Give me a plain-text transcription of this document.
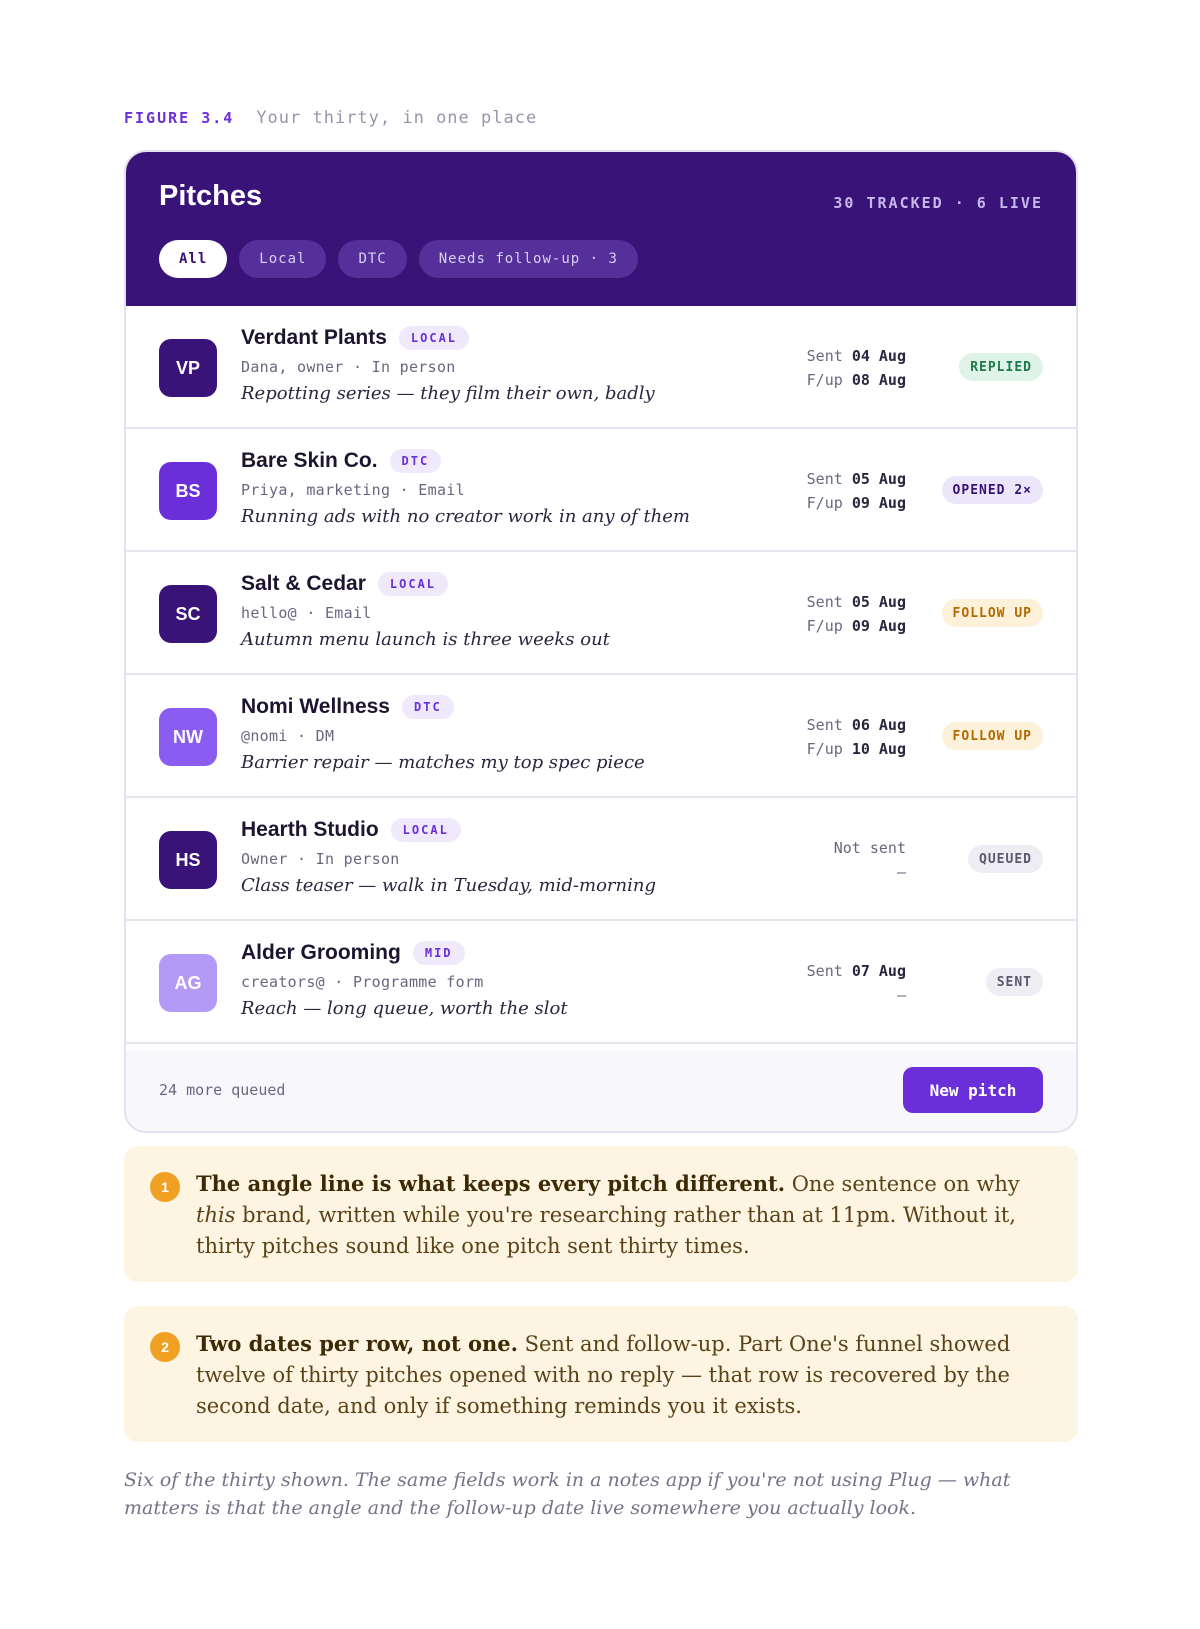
FIGURE 3.4 Your thirty, in one place
Pitches	30 TRACKED · 6 LIVE
All	Local	DTC	Needs follow-up · 3
VP
Verdant Plants	LOCAL
Dana, owner · In person
Repotting series — they film their own, badly
Sent 04 Aug
F/up 08 Aug
REPLIED
BS
Bare Skin Co.	DTC
Priya, marketing · Email
Running ads with no creator work in any of them
Sent 05 Aug
F/up 09 Aug
OPENED 2×
SC
Salt & Cedar	LOCAL
hello@ · Email
Autumn menu launch is three weeks out
Sent 05 Aug
F/up 09 Aug
FOLLOW UP
NW
Nomi Wellness	DTC
@nomi · DM
Barrier repair — matches my top spec piece
Sent 06 Aug
F/up 10 Aug
FOLLOW UP
HS
Hearth Studio	LOCAL
Owner · In person
Class teaser — walk in Tuesday, mid-morning
Not sent
—
QUEUED
AG
Alder Grooming	MID
creators@ · Programme form
Reach — long queue, worth the slot
Sent 07 Aug
—
SENT
24 more queued	New pitch
1	The angle line is what keeps every pitch different. One sentence on why this brand, written while you're researching rather than at 11pm. Without it, thirty pitches sound like one pitch sent thirty times.
2	Two dates per row, not one. Sent and follow-up. Part One's funnel showed twelve of thirty pitches opened with no reply — that row is recovered by the second date, and only if something reminds you it exists.
Six of the thirty shown. The same fields work in a notes app if you're not using Plug — what matters is that the angle and the follow-up date live somewhere you actually look.
